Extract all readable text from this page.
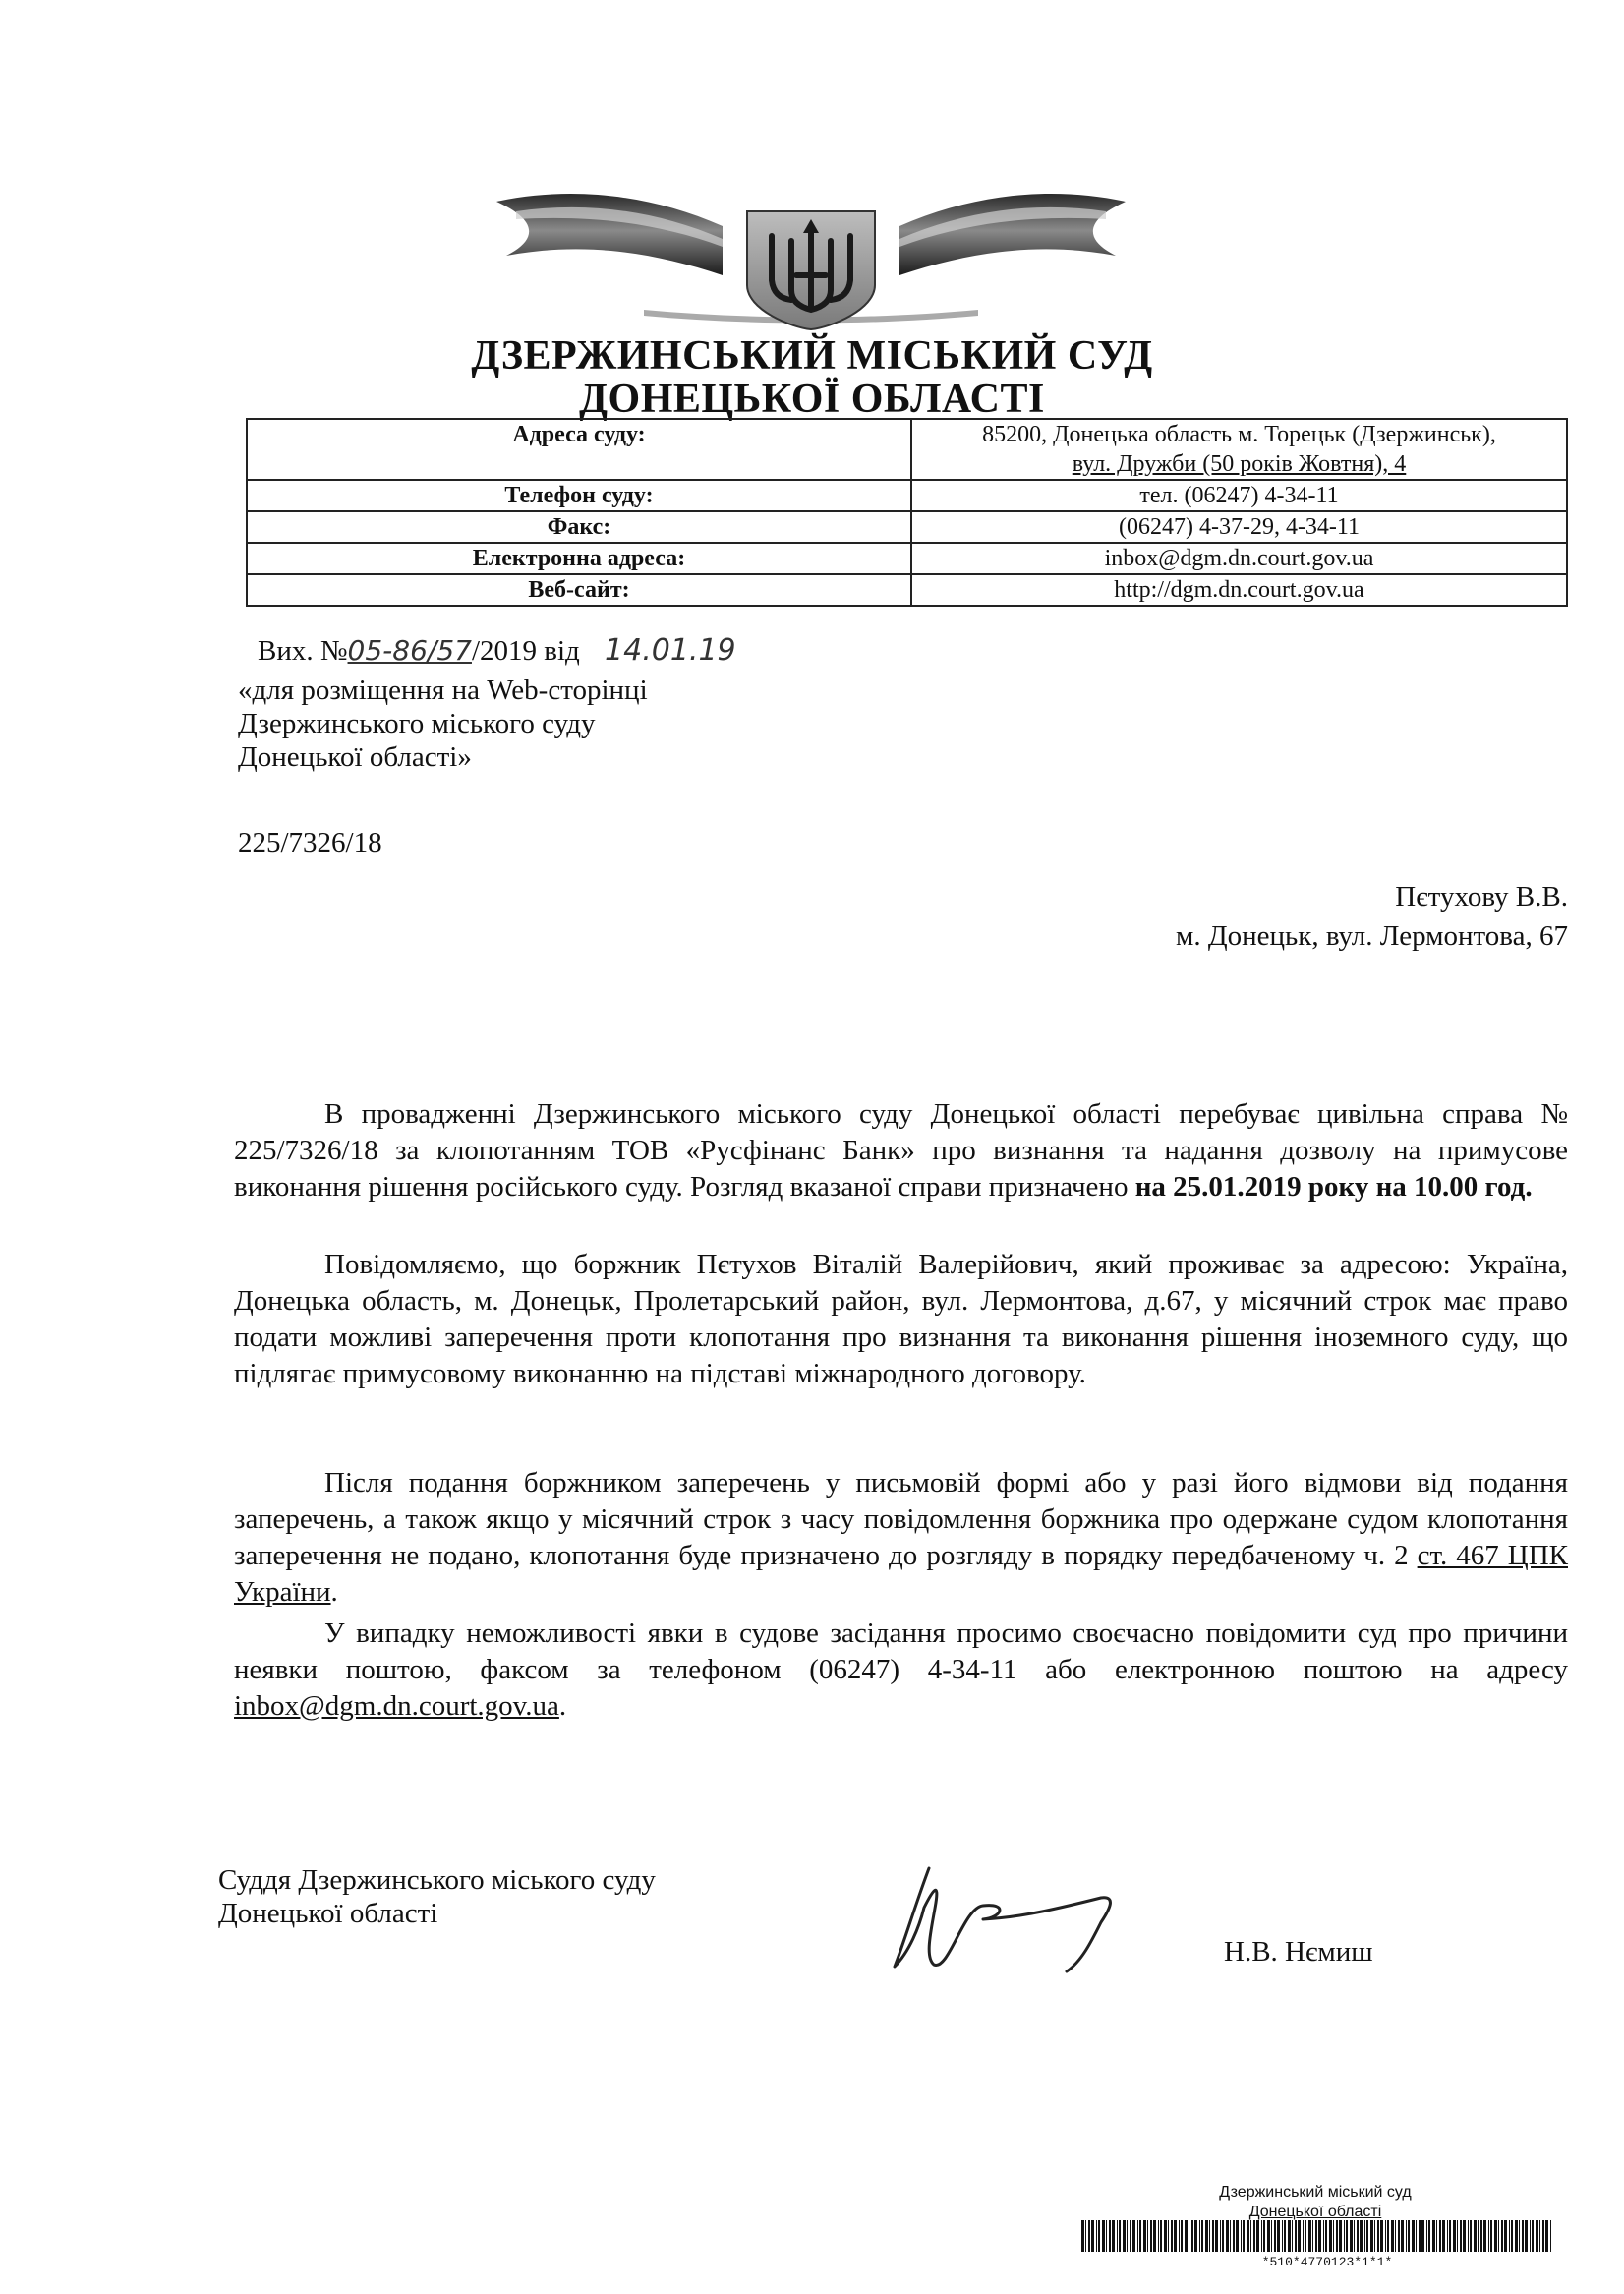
ДЗЕРЖИНСЬКИЙ МІСЬКИЙ СУД
ДОНЕЦЬКОЇ ОБЛАСТІ
Адреса суду:	85200, Донецька область м. Торецьк (Дзержинськ),
вул. Дружби (50 років Жовтня), 4

Телефон суду:	тел. (06247) 4-34-11
Факс:	(06247) 4-37-29, 4-34-11
Електронна адреса:	inbox@dgm.dn.court.gov.ua
Веб-сайт:	http://dgm.dn.court.gov.ua
Вих. №05-86/57/2019 від 14.01.19
«для розміщення на Web-сторінці
Дзержинського міського суду
Донецької області»
225/7326/18
Пєтухову В.В.
м. Донецьк, вул. Лермонтова, 67
В провадженні Дзержинського міського суду Донецької області перебуває цивільна справа № 225/7326/18 за клопотанням ТОВ «Русфінанс Банк» про визнання та надання дозволу на примусове виконання рішення російського суду. Розгляд вказаної справи призначено на 25.01.2019 року на 10.00 год.
Повідомляємо, що боржник Пєтухов Віталій Валерійович, який проживає за адресою: Україна, Донецька область, м. Донецьк, Пролетарський район, вул. Лермонтова, д.67, у місячний строк має право подати можливі заперечення проти клопотання про визнання та виконання рішення іноземного суду, що підлягає примусовому виконанню на підставі міжнародного договору.
Після подання боржником заперечень у письмовій формі або у разі його відмови від подання заперечень, а також якщо у місячний строк з часу повідомлення боржника про одержане судом клопотання заперечення не подано, клопотання буде призначено до розгляду в порядку передбаченому ч. 2 ст. 467 ЦПК України.
У випадку неможливості явки в судове засідання просимо своєчасно повідомити суд про причини неявки поштою, факсом за телефоном (06247) 4-34-11 або електронною поштою на адресу inbox@dgm.dn.court.gov.ua.
Суддя Дзержинського міського суду
Донецької області
Н.В. Нємиш
Дзержинський міський суд
Донецької області
*510*4770123*1*1*
